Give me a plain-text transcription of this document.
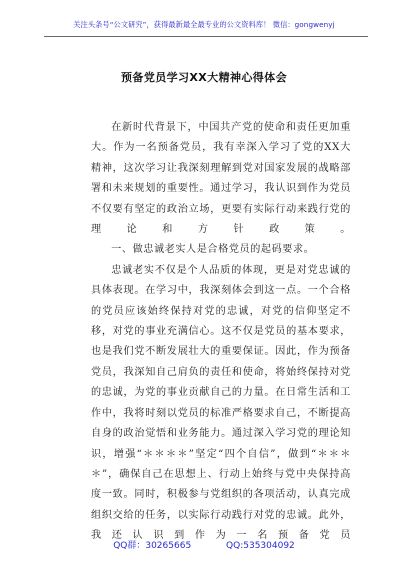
关注头条号“公文研究”，获得最新最全最专业的公文资料库！ 微信：gongwenyj
预备党员学习XX大精神心得体会

在新时代背景下，中国共产党的使命和责任更加重大。作为一名预备党员，我有幸深入学习了党的XX大精神，这次学习让我深刻理解到党对国家发展的战略部署和未来规划的重要性。通过学习，我认识到作为党员不仅要有坚定的政治立场，更要有实际行动来践行党的理论和方针政策。

一、做忠诚老实人是合格党员的起码要求。

忠诚老实不仅是个人品质的体现，更是对党忠诚的具体表现。在学习中，我深刻体会到这一点。一个合格的党员应该始终保持对党的忠诚，对党的信仰坚定不移，对党的事业充满信心。这不仅是党员的基本要求，也是我们党不断发展壮大的重要保证。因此，作为预备党员，我深知自己肩负的责任和使命，将始终保持对党的忠诚，为党的事业贡献自己的力量。在日常生活和工作中，我将时刻以党员的标准严格要求自己，不断提高自身的政治觉悟和业务能力。通过深入学习党的理论知识，增强“＊＊＊＊”坚定“四个自信”，做到“＊＊＊＊”，确保自己在思想上、行动上始终与党中央保持高度一致。同时，积极参与党组织的各项活动，认真完成组织交给的任务，以实际行动践行对党的忠诚。此外，我还认识到作为一名预备党员

QQ群：30265665	QQ:535304092
